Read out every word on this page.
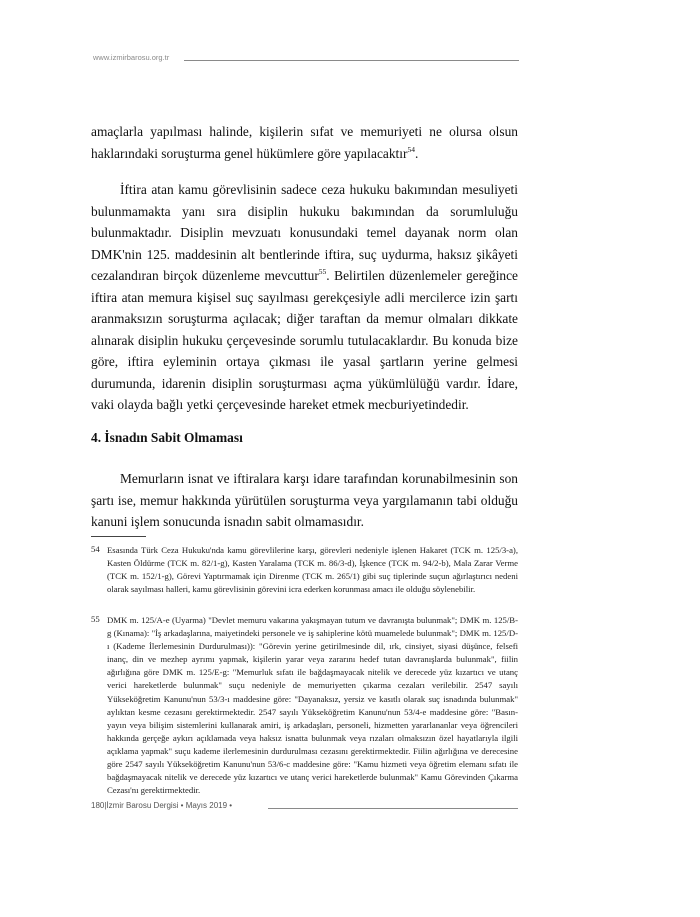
www.izmirbarosu.org.tr

amaçlarla yapılması halinde, kişilerin sıfat ve memuriyeti ne olursa olsun haklarındaki soruşturma genel hükümlere göre yapılacaktır$^{54}$.

İftira atan kamu görevlisinin sadece ceza hukuku bakımından mesuliyeti bulunmamakta yanı sıra disiplin hukuku bakımından da sorumluluğu bulunmaktadır. Disiplin mevzuatı konusundaki temel dayanak norm olan DMK'nin 125. maddesinin alt bentlerinde iftira, suç uydurma, haksız şikâyeti cezalandıran birçok düzenleme mevcuttur$^{55}$. Belirtilen düzenlemeler gereğince iftira atan memura kişisel suç sayılması gerekçesiyle adli mercilerce izin şartı aranmaksızın soruşturma açılacak; diğer taraftan da memur olmaları dikkate alınarak disiplin hukuku çerçevesinde sorumlu tutulacaklardır. Bu konuda bize göre, iftira eyleminin ortaya çıkması ile yasal şartların yerine gelmesi durumunda, idarenin disiplin soruşturması açma yükümlülüğü vardır. İdare, vaki olayda bağlı yetki çerçevesinde hareket etmek mecburiyetindedir.

4. İsnadın Sabit Olmaması

Memurların isnat ve iftiralara karşı idare tarafından korunabilmesinin son şartı ise, memur hakkında yürütülen soruşturma veya yargılamanın tabi olduğu kanuni işlem sonucunda isnadın sabit olmamasıdır.

54 Esasında Türk Ceza Hukuku'nda kamu görevlilerine karşı, görevleri nedeniyle işlenen Hakaret (TCK m. 125/3-a), Kasten Öldürme (TCK m. 82/1-g), Kasten Yaralama (TCK m. 86/3-d), İşkence (TCK m. 94/2-b), Mala Zarar Verme (TCK m. 152/1-g), Görevi Yaptırmamak için Direnme (TCK m. 265/1) gibi suç tiplerinde suçun ağırlaştırıcı nedeni olarak sayılması halleri, kamu görevlisinin görevini icra ederken korunması amacı ile olduğu söylenebilir.
55 DMK m. 125/A-e (Uyarma) "Devlet memuru vakarına yakışmayan tutum ve davranışta bulunmak"; DMK m. 125/B-g (Kınama): "İş arkadaşlarına, maiyetindeki personele ve iş sahiplerine kötü muamelede bulunmak"; DMK m. 125/D-ı (Kademe İlerlemesinin Durdurulması)): "Görevin yerine getirilmesinde dil, ırk, cinsiyet, siyasi düşünce, felsefi inanç, din ve mezhep ayrımı yapmak, kişilerin yarar veya zararını hedef tutan davranışlarda bulunmak", fiilin ağırlığına göre DMK m. 125/E-g: "Memurluk sıfatı ile bağdaşmayacak nitelik ve derecede yüz kızartıcı ve utanç verici hareketlerde bulunmak" suçu nedeniyle de memuriyetten çıkarma cezaları verilebilir. 2547 sayılı Yükseköğretim Kanunu'nun 53/3-ı maddesine göre: "Dayanaksız, yersiz ve kasıtlı olarak suç isnadında bulunmak" aylıktan kesme cezasını gerektirmektedir. 2547 sayılı Yükseköğretim Kanunu'nun 53/4-e maddesine göre: "Basın-yayın veya bilişim sistemlerini kullanarak amiri, iş arkadaşları, personeli, hizmetten yararlananlar veya öğrencileri hakkında gerçeğe aykırı açıklamada veya haksız isnatta bulunmak veya rızaları olmaksızın özel hayatlarıyla ilgili açıklama yapmak" suçu kademe ilerlemesinin durdurulması cezasını gerektirmektedir. Fiilin ağırlığına ve derecesine göre 2547 sayılı Yükseköğretim Kanunu'nun 53/6-c maddesine göre: "Kamu hizmeti veya öğretim elemanı sıfatı ile bağdaşmayacak nitelik ve derecede yüz kızartıcı ve utanç verici hareketlerde bulunmak" Kamu Görevinden Çıkarma Cezası'nı gerektirmektedir.
180|İzmir Barosu Dergisi • Mayıs 2019 •
